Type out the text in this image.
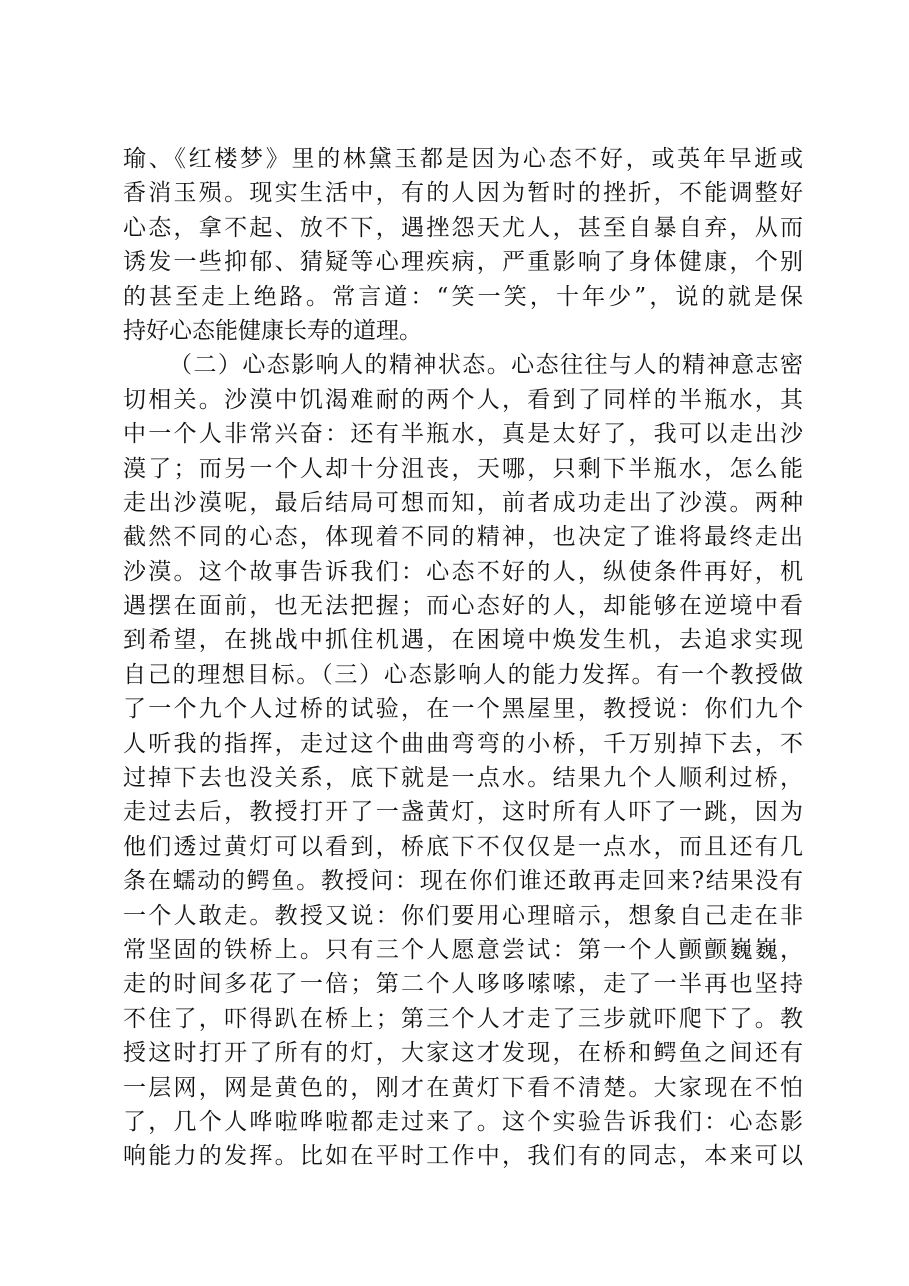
瑜、《红楼梦》里的林黛玉都是因为心态不好，或英年早逝或
香消玉殒。现实生活中，有的人因为暂时的挫折，不能调整好
心态，拿不起、放不下，遇挫怨天尤人，甚至自暴自弃，从而
诱发一些抑郁、猜疑等心理疾病，严重影响了身体健康，个别
的甚至走上绝路。常言道：“笑一笑，十年少”，说的就是保
持好心态能健康长寿的道理。
（二）心态影响人的精神状态。心态往往与人的精神意志密
切相关。沙漠中饥渴难耐的两个人，看到了同样的半瓶水，其
中一个人非常兴奋：还有半瓶水，真是太好了，我可以走出沙
漠了；而另一个人却十分沮丧，天哪，只剩下半瓶水，怎么能
走出沙漠呢，最后结局可想而知，前者成功走出了沙漠。两种
截然不同的心态，体现着不同的精神，也决定了谁将最终走出
沙漠。这个故事告诉我们：心态不好的人，纵使条件再好，机
遇摆在面前，也无法把握；而心态好的人，却能够在逆境中看
到希望，在挑战中抓住机遇，在困境中焕发生机，去追求实现
自己的理想目标。（三）心态影响人的能力发挥。有一个教授做
了一个九个人过桥的试验，在一个黑屋里，教授说：你们九个
人听我的指挥，走过这个曲曲弯弯的小桥，千万别掉下去，不
过掉下去也没关系，底下就是一点水。结果九个人顺利过桥，
走过去后，教授打开了一盏黄灯，这时所有人吓了一跳，因为
他们透过黄灯可以看到，桥底下不仅仅是一点水，而且还有几
条在蠕动的鳄鱼。教授问：现在你们谁还敢再走回来?结果没有
一个人敢走。教授又说：你们要用心理暗示，想象自己走在非
常坚固的铁桥上。只有三个人愿意尝试：第一个人颤颤巍巍，
走的时间多花了一倍；第二个人哆哆嗦嗦，走了一半再也坚持
不住了，吓得趴在桥上；第三个人才走了三步就吓爬下了。教
授这时打开了所有的灯，大家这才发现，在桥和鳄鱼之间还有
一层网，网是黄色的，刚才在黄灯下看不清楚。大家现在不怕
了，几个人哗啦哗啦都走过来了。这个实验告诉我们：心态影
响能力的发挥。比如在平时工作中，我们有的同志，本来可以
